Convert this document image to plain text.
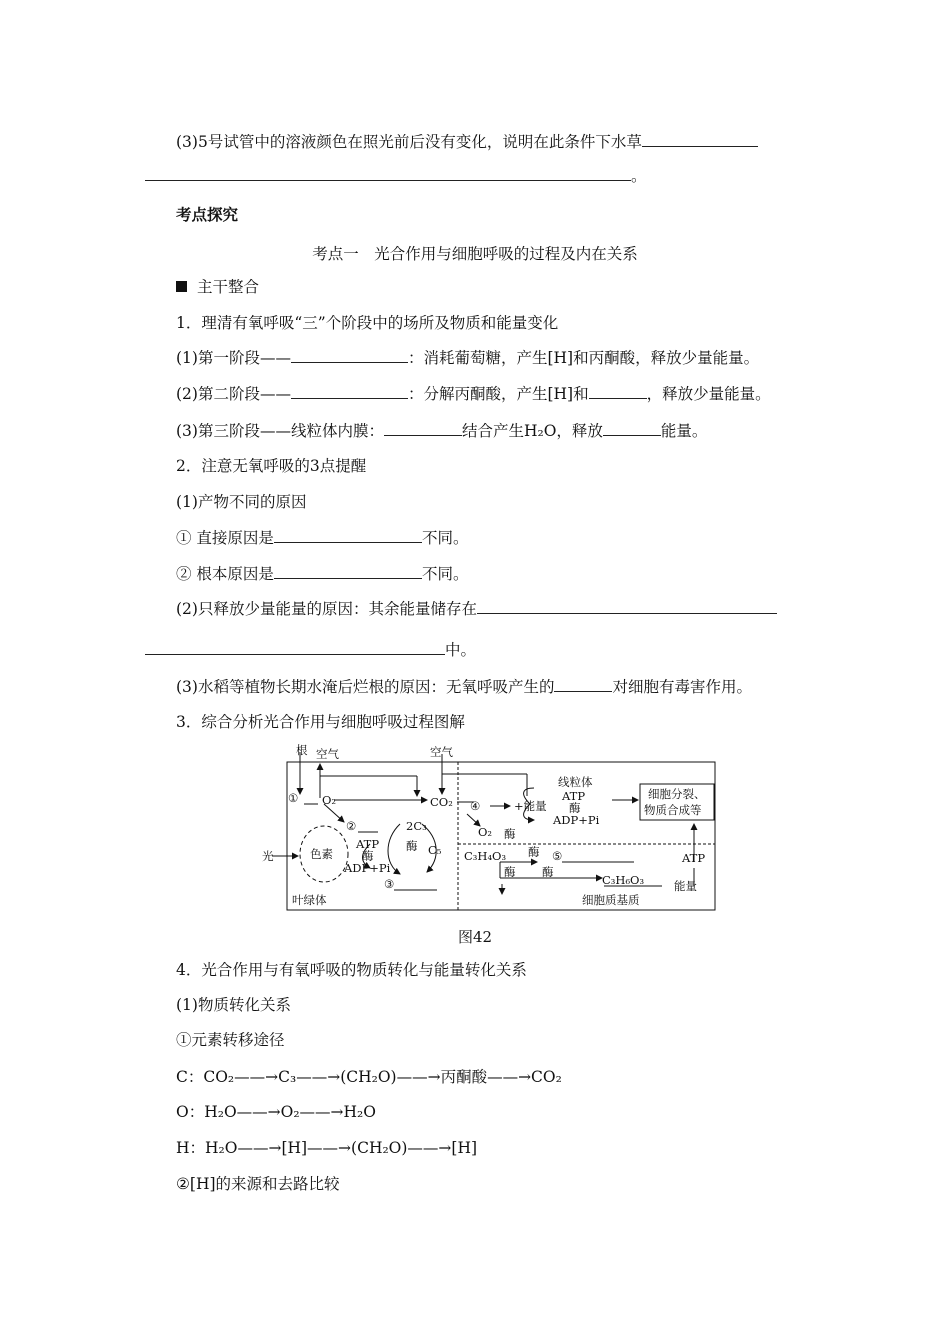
(3)5号试管中的溶液颜色在照光前后没有变化，说明在此条件下水草
。
考点探究
考点一　光合作用与细胞呼吸的过程及内在关系
主干整合
1．理清有氧呼吸“三”个阶段中的场所及物质和能量变化
(1)第一阶段——	：消耗葡萄糖，产生[H]和丙酮酸，释放少量能量。
(2)第二阶段——	：分解丙酮酸，产生[H]和	，释放少量能量。
(3)第三阶段——线粒体内膜：	结合产生H₂O，释放	能量。
2．注意无氧呼吸的3点提醒
(1)产物不同的原因
① 直接原因是	不同。
② 根本原因是	不同。
(2)只释放少量能量的原因：其余能量储存在
中。
(3)水稻等植物长期水淹后烂根的原因：无氧呼吸产生的	对细胞有毒害作用。
3．综合分析光合作用与细胞呼吸过程图解
根 空气	空气
① O₂	CO₂ ④	+能量
线粒体
ATP
酶
ADP+Pi
细胞分裂、
物质合成等
②	2C₃
酶 C₅
ATP
酶
ADP+Pi
光	色素
③
O₂ 酶
C₃H₄O₃ 酶 ⑤
酶
酶
C₃H₆O₃
ATP
能量
叶绿体	细胞质基质
图42
4．光合作用与有氧呼吸的物质转化与能量转化关系
(1)物质转化关系
①元素转移途径
C：CO₂——→C₃——→(CH₂O)——→丙酮酸——→CO₂
O：H₂O——→O₂——→H₂O
H：H₂O——→[H]——→(CH₂O)——→[H]
②[H]的来源和去路比较
